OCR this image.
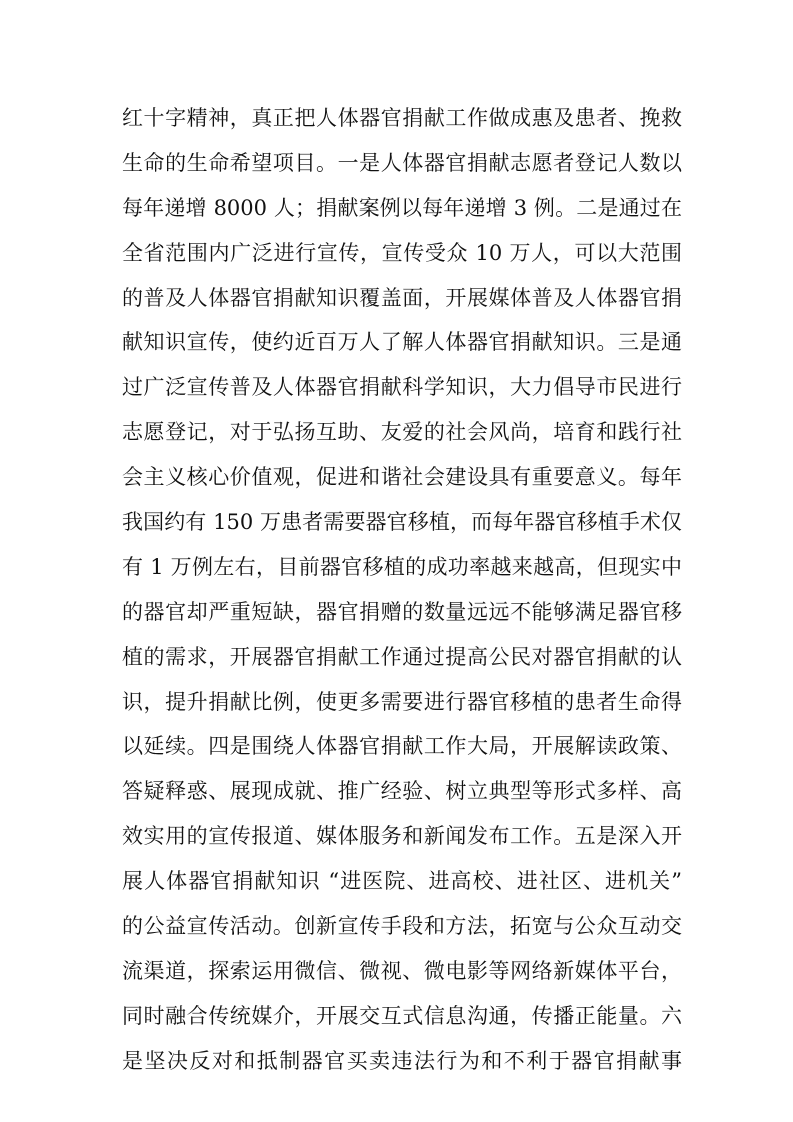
红十字精神，真正把人体器官捐献工作做成惠及患者、挽救
生命的生命希望项目。一是人体器官捐献志愿者登记人数以
每年递增 8000 人；捐献案例以每年递增 3 例。二是通过在
全省范围内广泛进行宣传，宣传受众 10 万人，可以大范围
的普及人体器官捐献知识覆盖面，开展媒体普及人体器官捐
献知识宣传，使约近百万人了解人体器官捐献知识。三是通
过广泛宣传普及人体器官捐献科学知识，大力倡导市民进行
志愿登记，对于弘扬互助、友爱的社会风尚，培育和践行社
会主义核心价值观，促进和谐社会建设具有重要意义。每年
我国约有 150 万患者需要器官移植，而每年器官移植手术仅
有 1 万例左右，目前器官移植的成功率越来越高，但现实中
的器官却严重短缺，器官捐赠的数量远远不能够满足器官移
植的需求，开展器官捐献工作通过提高公民对器官捐献的认
识，提升捐献比例，使更多需要进行器官移植的患者生命得
以延续。四是围绕人体器官捐献工作大局，开展解读政策、
答疑释惑、展现成就、推广经验、树立典型等形式多样、高
效实用的宣传报道、媒体服务和新闻发布工作。五是深入开
展人体器官捐献知识 “进医院、进高校、进社区、进机关”
的公益宣传活动。创新宣传手段和方法，拓宽与公众互动交
流渠道，探索运用微信、微视、微电影等网络新媒体平台，
同时融合传统媒介，开展交互式信息沟通，传播正能量。六
是坚决反对和抵制器官买卖违法行为和不利于器官捐献事
